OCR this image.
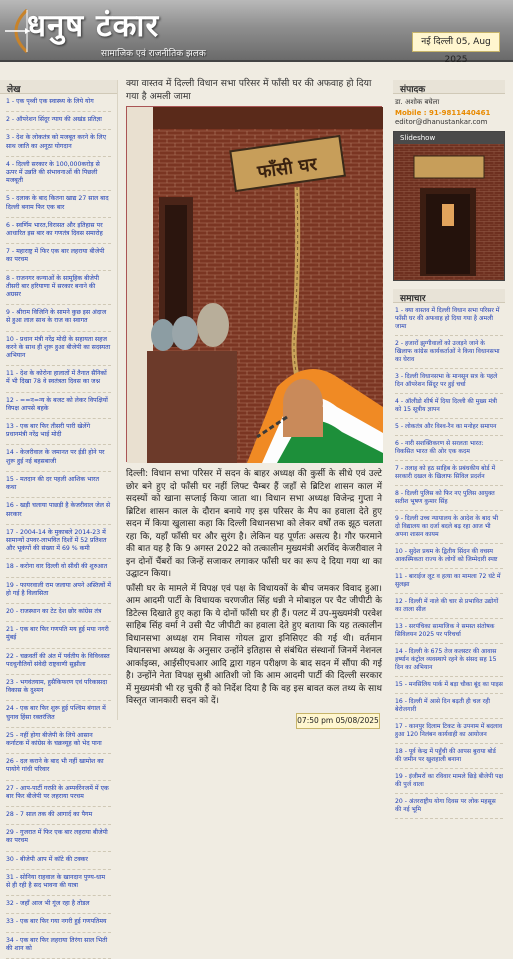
धनुष टंकार
सामाजिक एवं राजनीतिक झलक
नई दिल्ली 05, Aug 2025
लेख
1 - एक पृथ्वी एक स्वास्थ्य के लिये योग
2 - ऑपरेशन सिंदूर न्याय की अखंड प्रतिज्ञा
3 - देश के लोकतंत्र को मजबूत करने के लिए साथ जाति का अनूठा योगदान
4 - दिल्ली सरकार के 100,000करोड़ से ऊपर में उन्नति की संभावनाओं की पिछली मजबूती
5 - दलाक के बाद कितना खाद्य 27 साल बाद दिल्ली बनाम फिर एक बार
6 - स्वर्णिम भारत,विरासत और इतिहास पर आधारित इस बार का गणतंत्र दिवस समारोह
7 - महाराष्ट्र में फिर एक बार लहराया बीजेपी का परचम
8 - राजनगर कन्याओं के सामूहिक बीजेपी तीसरी बार हरियाणा में सरकार बनाने की अग्रसर
9 - श्रीराम विजिनि के सामने कुछ इस अंदाज से हुआ लाल साथ के राज का स्वागत
10 - प्रधान मंत्री नरेंद्र मोदी के सहायता सहज करने के साथ ही शुरू हुआ बीजेपी का सदस्यता अभियान
11 - देश के कोरोना हालातों में तैनात सैनिकों में भी दिखा 78 वे स्वतंत्रता दिवस का जश्न
12 - ==न=न्य के बजट को लेकर विपक्षियों विपक्ष आपसे बहके
13 - एक बार फिर तीसरी पारी खेलेंगे प्रधानमंत्री नरेंद्र भाई मोदी
14 - केजरीवाल के जमानत पर ईडी होने पर शुरू हुई नई बहसबाजी
15 - मतदान की दर पहली आशिक भारत कथा
16 - खड़ी चलाया पाछड़ी है केजरीवाल जेल से सरकार
17 - 2004-14 के मुकाबले 2014-23 में सामान्यों उपवर-लाभवित दिशों में 52 प्रतिशत और भूकंपों की संख्या में 69 % कमी
18 - करोना वार दिल्ली वो सीधी की शुरुआत
19 - फायरवाली राम जलाया अपने अस्तित्वों में हो गई है विलासिता
20 - राजस्थान का टेट देश छोर कांग्रेस तंत्र
21 - एक बार फिर गणपति मय हुई मया नगरी मुंबई
22 - चक्रवर्ती की अंत में पर्वतीय के विविध्वस्त पदचुनौतियों संवेदी राष्ट्रवाणी सुझीला
23 - भगवंतयाम, हुसैकिफरण एवं परिकासदा विकास के दुश्मन
24 - एक बार फिर शुरू हुई पश्चिम बंगाल में चुनाव हिंसा रक्तरंजित
25 - नहीं होगा बीजेपी के लिये आसान कर्नाटक में कांग्रेस के चक्रव्यूह को भेद पाना
26 - दल कराने के बाद भी नहीं खामोश का पायोगे गांधी परिवार
27 - आप-पार्टी गरफ़ी के अम्पर्वरेंनजमें में एक बार फिर बीजेपी पर लहराया परचम
28 - 7 साल तक की आगार्द का पैगम
29 - गुजरात में फिर एक बार लहराया बीजेपी का परचम
30 - बीजेपी आप में कॉटे की टक्कर
31 - सोनिया राहवाल के खानदान पुण्य-धाम से ही रही है सद भावना की यात्रा
32 - जहाँ आज भी गूंज रहा है तोडल
33 - एक बार फिर गया नगरी हुई गणपतिमय
34 - एक बार फिर लहराया तिरंगा साल भिती की शान को
क्या वास्तव में दिल्ली विधान सभा परिसर में फाँसी घर की अफवाह हो दिया गया है अमली जामा
फाँसी घर

दिल्ली: विधान सभा परिसर में सदन के बाहर अध्यक्ष की कुर्सी के सीधे एवं उल्टे छोर बने हुए दो फाँसी घर नहीं लिफ्ट चैम्बर हैं जहाँ से ब्रिटिश शासन काल में सदस्यों को खाना सप्लाई किया जाता था। विधान सभा अध्यक्ष विजेन्द्र गुप्ता ने ब्रिटिश शासन काल के दौरान बनाये गए इस परिसर के मैप का हवाला देते हुए सदन में किया खुलासा कहा कि दिल्ली विधानसभा को लेकर वर्षों तक झूठ चलता रहा कि, यहाँ फाँसी घर और सुरंग है। लेकिन यह पूर्णतः असत्य है। गौर फरमाने की बात यह है कि 9 अगस्त 2022 को तत्कालीन मुख्यमंत्री अरविंद केजरीवाल ने इन दोनों चैंबरों का जिन्हें सजाकर लगाकर फाँसी घर का रूप दे दिया गया था का उद्घाटन किया।

फाँसी घर के मामले में विपक्ष एवं पक्ष के विधायकों के बीच जमकर विवाद हुआ। आम आदमी पार्टी के विधायक चरणजीत सिंह धन्नी ने मोबाइल पर चैट जीपीटी के डिटेल्स दिखाते हुए कहा कि ये दोनों फाँसी घर ही हैं। पलट में उप-मुख्यमंत्री परवेश साहिब सिंह वर्मा ने उसी चैट जीपीटी का हवाला देते हुए बताया कि यह तत्कालीन विधानसभा अध्यक्ष राम निवास गोयल द्वारा इनिसिएट की गई थी। वर्तमान विधानसभा अध्यक्ष के अनुसार उन्होंने इतिहास से संबंधित संस्थानों जिनमें नेशनल आर्काइव्स, आईसीएचआर आदि द्वारा गहन परीक्षण के बाद सदन में सौंपा की गई है। उन्होंने नेता विपक्ष सुश्री आतिशी जो कि आम आदमी पार्टी की दिल्ली सरकार में मुख्यमंत्री भी रह चुकी हैं को निर्देश दिया है कि वह इस बावत कल तथ्य के साथ विस्तृत जानकारी सदन को दें।

07:50 pm 05/08/2025
संपादक
डा. अशोक बघेला
Mobile : 91-9811440461
editor@dhanustankar.com
Slideshow
समाचार
1 - क्या वास्तव में दिल्ली विधान सभा परिसर में फाँसी घर की अफवाह हो दिया गया है अमली जामा
2 - हजारों झुग्गीवालों को उजड़ने जाने के खिलाफ कांग्रेस कार्यकर्ताओं ने किया विधानसभा का घेराव
3 - दिल्ली विधानसभा के मानसून सत्र के पहले दिन ऑपरेशन सिंदूर पर हुई चर्चा
4 - ऑलीडो शीर्ष में दिया दिल्ली की मुख्य मंत्री को 15 सूत्रीय ज्ञापन
5 - लोकतंत्र और विश्व-रैन का मनोहर समापन
6 - नारी सशक्तिकरण से सरलता भारत: विकसित भारत की ओर एक कदम
7 - तलाह को हठ साहिब के प्रबंधकीय बोर्ड में सरकारी दखल के खिलाफ सिविल प्रदर्शन
8 - दिल्ली पुलिस को फिर नए पुलिस आयुक्त सतीश भूषण कुमार सिंह
9 - दिल्ली उच्च न्यायालय के आदेश के बाद भी दो विद्यालय का दर्जा बदले बढ़ रहा आज भी अपना शासन कायम
10 - सुदेश प्रथम के द्वितीय सिंदन की वचस्प आकस्मिकता राज्य के लोगों को जिम्मेदारी स्पष्ट
11 - बाराईज लूट व हत्या का मामला 72 घंटे में सुलझा
12 - दिल्ली में नाले की चार से प्रभावित उद्योगों का ताला सील
13 - सरपंचिका सामाजिक ने समस्त संतोषक सिविलयन 2025 पर परिचर्चा
14 - दिल्ली के 675 तेज कलस्टर की आवास हर्ष्यान कंट्रोल व्यवस्थापे रहने के संसद सह 15 दिन का अभियान
15 - मनसिलिय पार्क में बड़ा चौका बूंद का पाइस
16 - दिल्ली में आसे दिन बढ़ती ही चल रही बेरोजगारी
17 - कानपुर दिलाम टिकट के उपनाम में बदलाव हुआ 120 निलंबन कार्यवाही का आयोजन
18 - पूर्व केन्द्र में पहुँची की आपस बुराया बोर्ड की जमीन पर खुशहाली बनाना
19 - इंजीमरों का रविवार मामले छिड़े बीजेपी पक्ष की पुर्ज वाला
20 - अंतरराष्ट्रीय योगा दिवस पर लोक महसूस की नई भूमि
